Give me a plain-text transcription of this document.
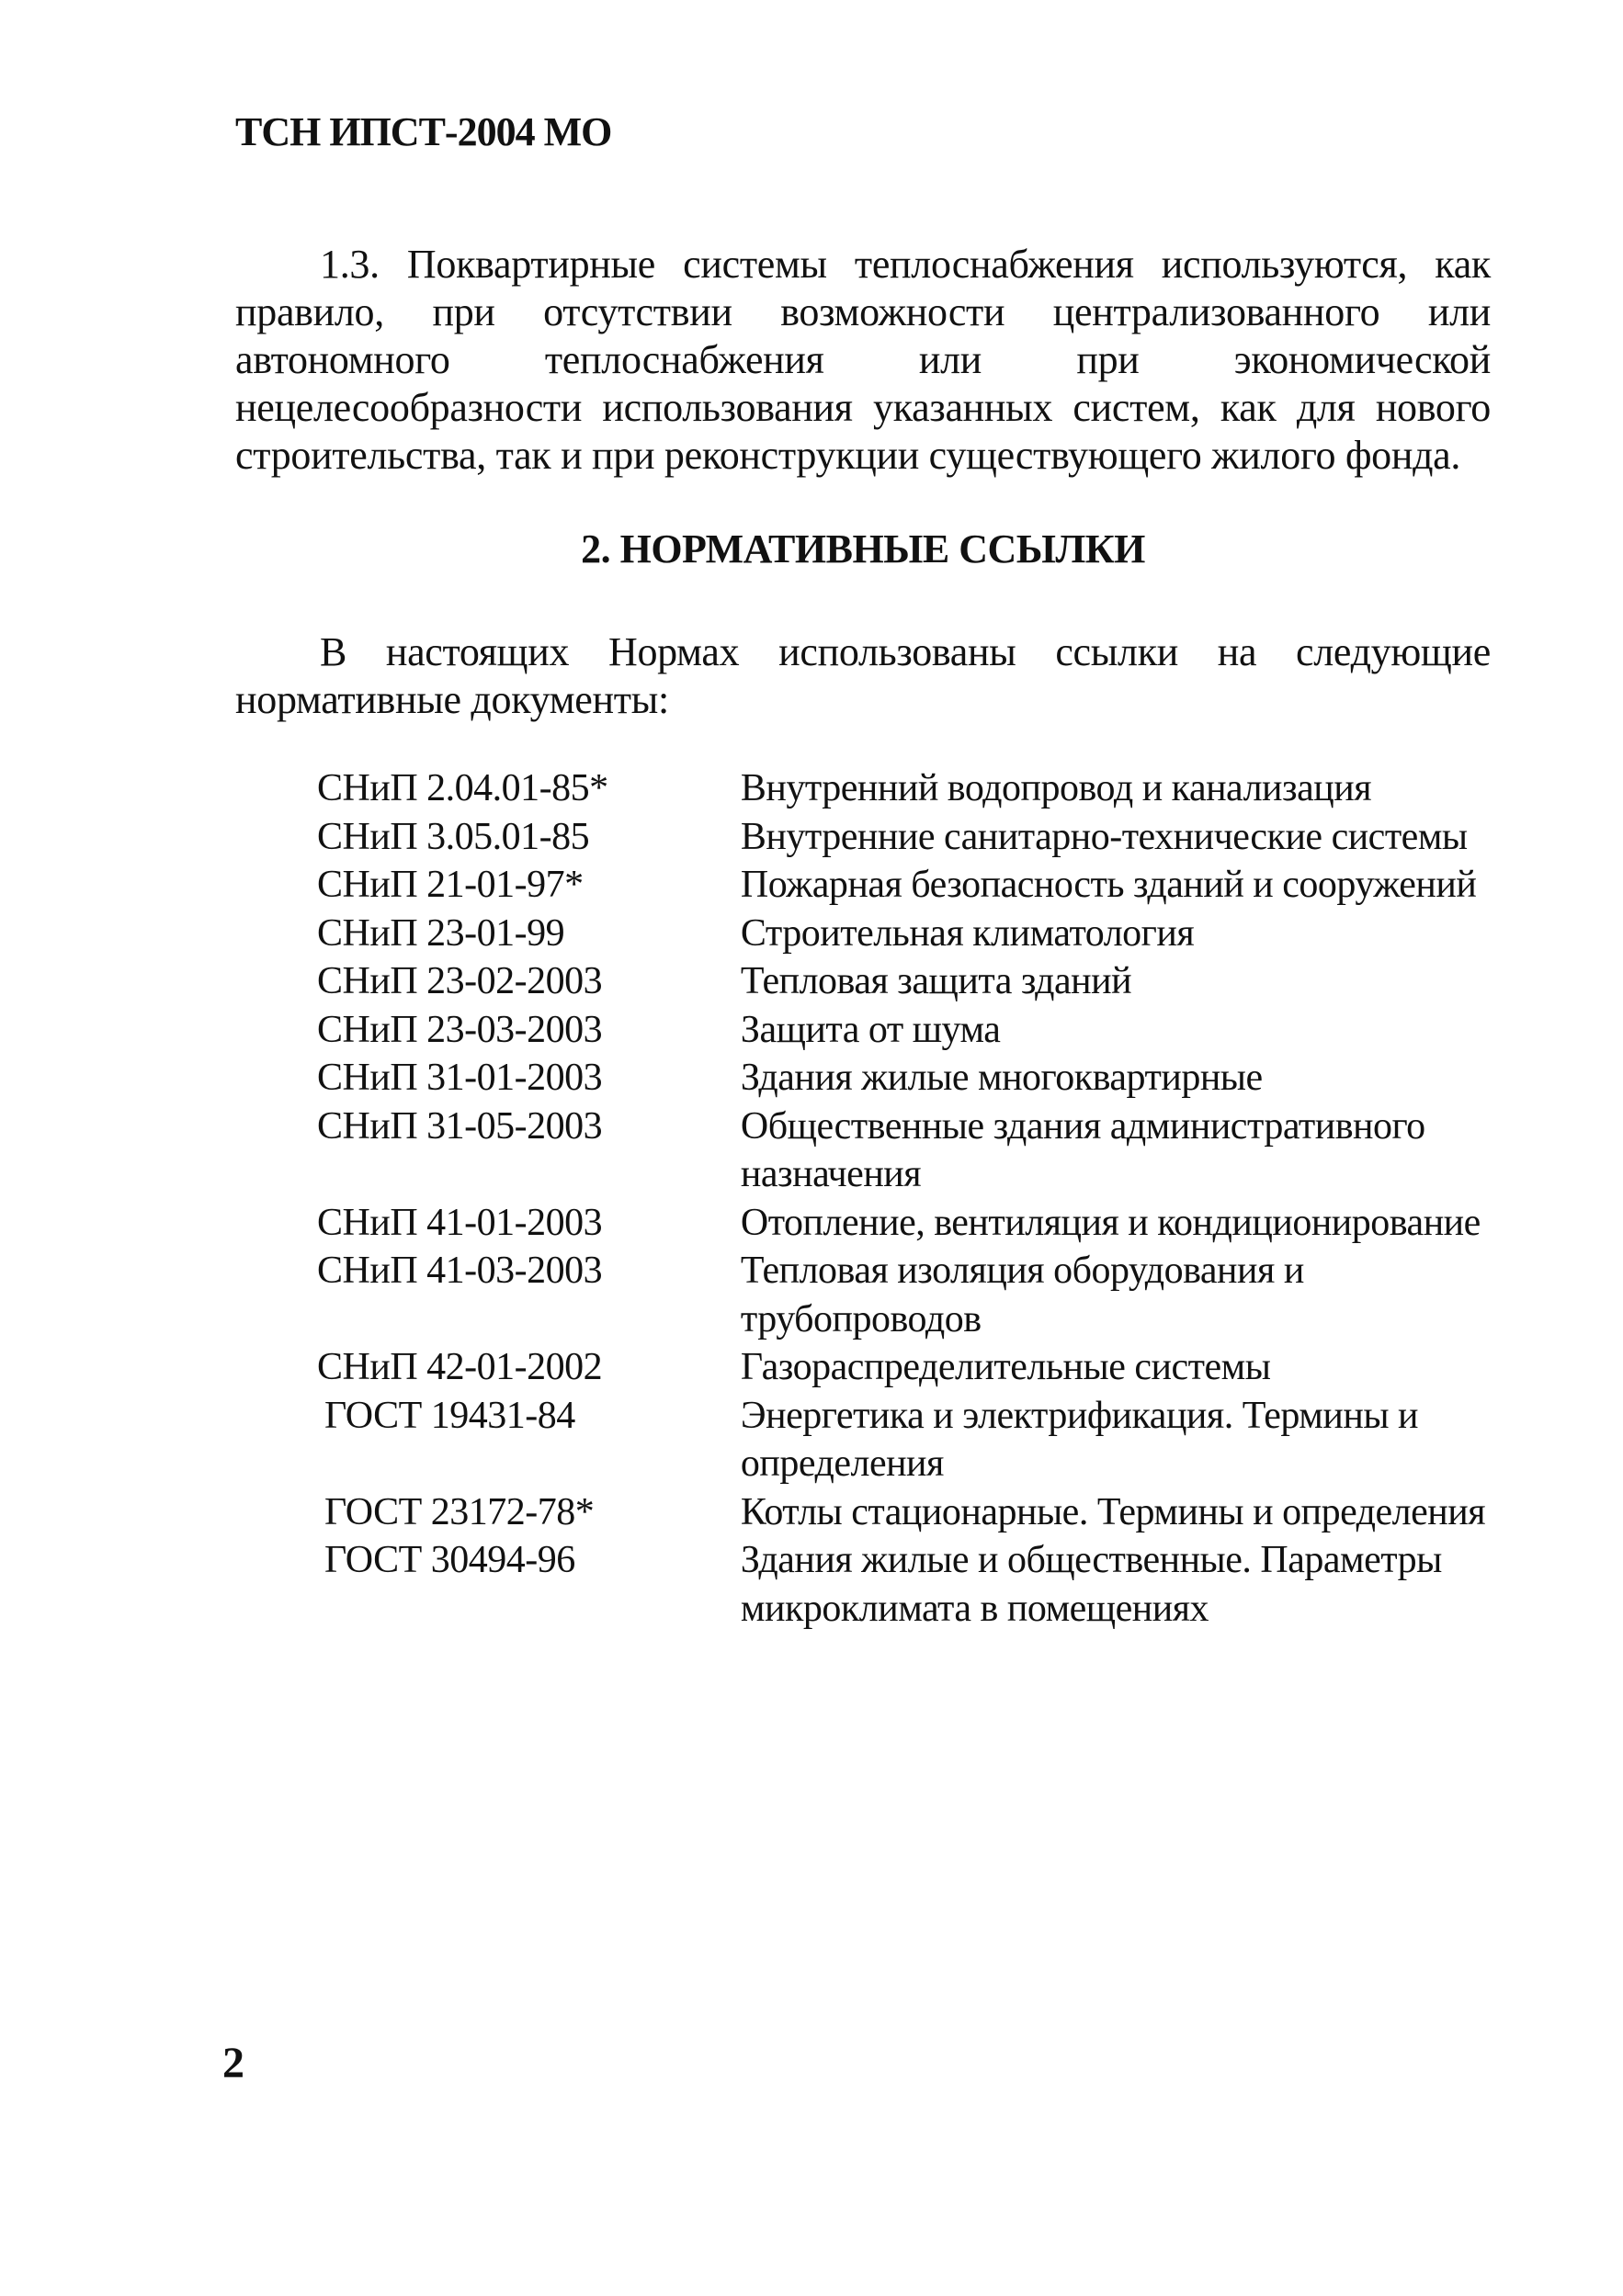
ТСН ИПСТ-2004 МО

1.3. Поквартирные системы теплоснабжения используются, как правило, при отсутствии возможности централизованного или автономного теплоснабжения или при экономической нецелесообразности использования указанных систем, как для нового строительства, так и при реконструкции существующего жилого фонда.

2. НОРМАТИВНЫЕ ССЫЛКИ

В настоящих Нормах использованы ссылки на следующие нормативные документы:

СНиП 2.04.01-85*	Внутренний водопровод и канализация
СНиП 3.05.01-85	Внутренние санитарно-технические системы
СНиП 21-01-97*	Пожарная безопасность зданий и сооружений
СНиП 23-01-99	Строительная климатология
СНиП 23-02-2003	Тепловая защита зданий
СНиП 23-03-2003	Защита от шума
СНиП 31-01-2003	Здания жилые многоквартирные
СНиП 31-05-2003	Общественные здания административного назначения
СНиП 41-01-2003	Отопление, вентиляция и кондиционирование
СНиП 41-03-2003	Тепловая изоляция оборудования и трубопроводов
СНиП 42-01-2002	Газораспределительные системы
ГОСТ 19431-84	Энергетика и электрификация. Термины и определения
ГОСТ 23172-78*	Котлы стационарные. Термины и определения
ГОСТ 30494-96	Здания жилые и общественные. Параметры микроклимата в помещениях
2
